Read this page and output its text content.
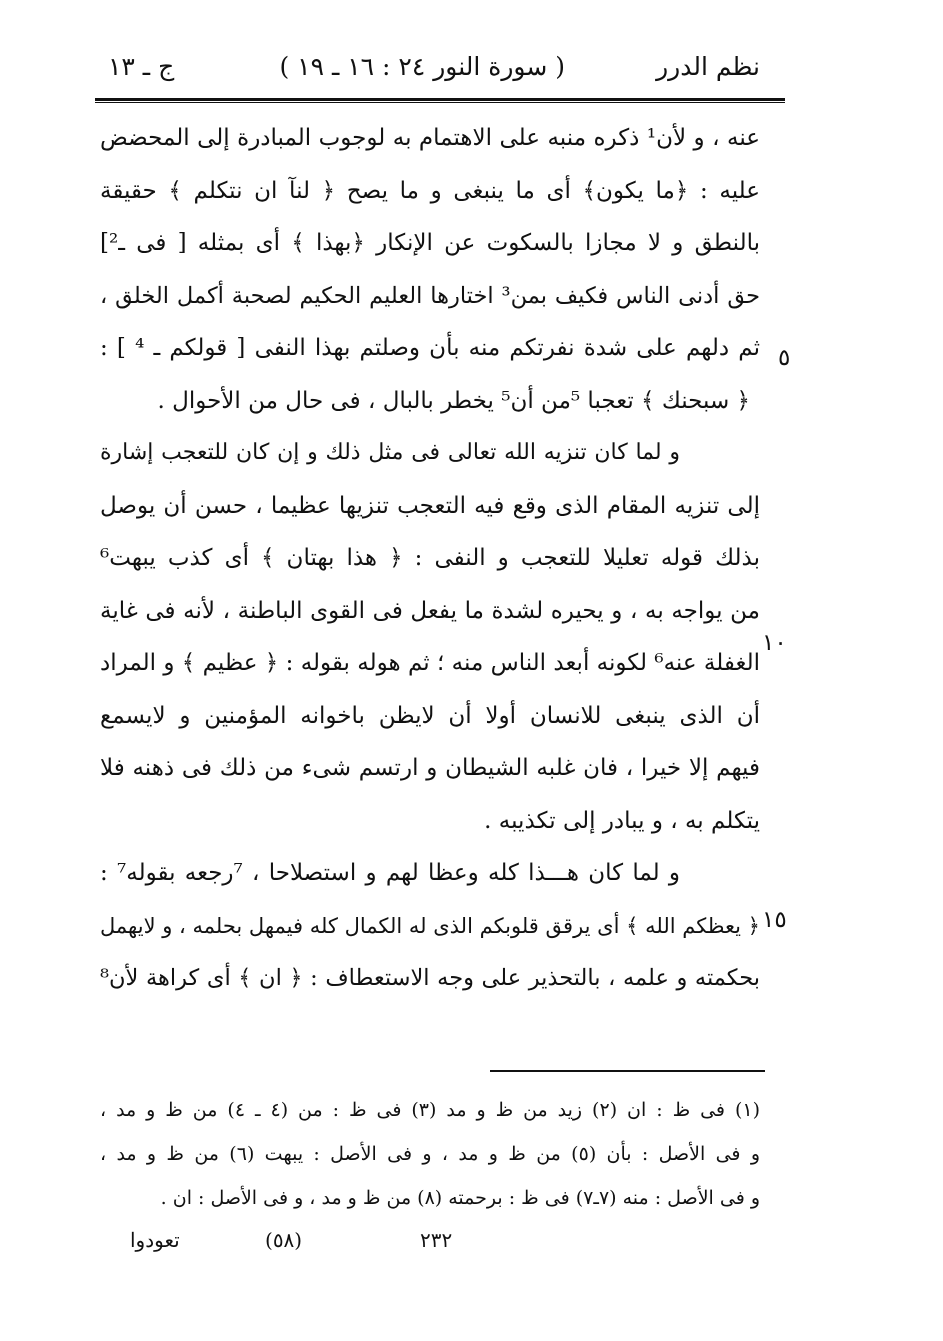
نظم الدرر
( سورة النور ٢٤ : ١٦ ـ ١٩ )
ج ـ ١٣
عنه ، و لأن¹ ذكره منبه على الاهتمام به لوجوب المبادرة إلى المحضض
عليه : ﴿ما يكون﴾ أى ما ينبغى و ما يصح ﴿ لنآ ان نتكلم ﴾ حقيقة
بالنطق و لا مجازا بالسكوت عن الإنكار ﴿بهذا ﴾ أى بمثله [ فى ـ²]
حق أدنى الناس فكيف بمن³ اختارها العليم الحكيم لصحبة أكمل الخلق ،
ثم دلهم على شدة نفرتكم منه بأن وصلتم بهذا النفى [ قولكم ـ ⁴ ] :
﴿ سبحنك ﴾ تعجبا ⁵من أن⁵ يخطر بالبال ، فى حال من الأحوال .
و لما كان تنزيه الله تعالى فى مثل ذلك و إن كان للتعجب إشارة
إلى تنزيه المقام الذى وقع فيه التعجب تنزيها عظيما ، حسن أن يوصل
بذلك قوله تعليلا للتعجب و النفى : ﴿ هذا بهتان ﴾ أى كذب يبهت⁶
من يواجه به ، و يحيره لشدة ما يفعل فى القوى الباطنة ، لأنه فى غاية
الغفلة عنه⁶ لكونه أبعد الناس منه ؛ ثم هوله بقوله : ﴿ عظيم ﴾ و المراد
أن الذى ينبغى للانسان أولا أن لايظن باخوانه المؤمنين و لايسمع
فيهم إلا خيرا ، فان غلبه الشيطان و ارتسم شىء من ذلك فى ذهنه فلا
يتكلم به ، و يبادر إلى تكذيبه .
و لما كان هـــذا كله وعظا لهم و استصلاحا ، ⁷رجعه بقوله⁷ :
﴿ يعظكم الله ﴾ أى يرقق قلوبكم الذى له الكمال كله فيمهل بحلمه ، و لايهمل
بحكمته و علمه ، بالتحذير على وجه الاستعطاف : ﴿ ان ﴾ أى كراهة لأن⁸
٥
١٠
١٥
(١) فى ظ : ان (٢) زيد من ظ و مد (٣) فى ظ : من (٤ ـ ٤) من ظ و مد ،
و فى الأصل : بأن (٥) من ظ و مد ، و فى الأصل : يبهت (٦) من ظ و مد ،
و فى الأصل : منه (٧ـ٧) فى ظ : برحمته (٨) من ظ و مد ، و فى الأصل : ان .
تعودوا	(٥٨)	٢٣٢
